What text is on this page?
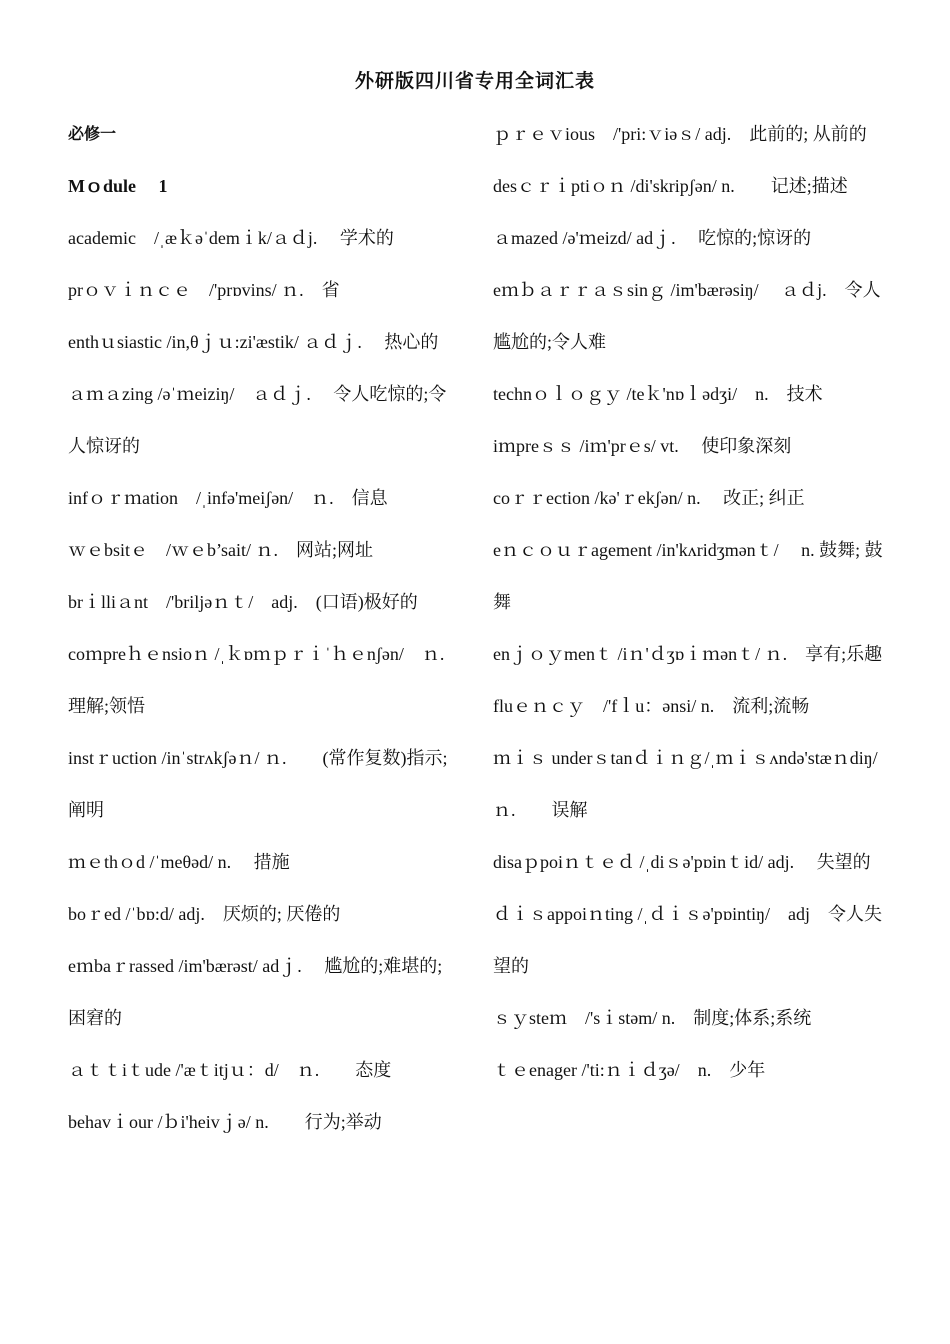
外研版四川省专用全词汇表

必修一

Mｏdule　 1

academic　/ˌæｋəˈdemｉk/ａｄj.　 学术的

prｏｖｉｎｃｅ　/'prɒvins/ ｎ.　省

enthｕsiastic /in,θｊｕ:zi'æstik/ ａｄｊ.　 热心的

ａｍａzing /əˈｍeiziŋ/　ａｄｊ.　 令人吃惊的;令人惊讶的

infｏｒｍation　/ˌinfə'meiʃən/　ｎ.　信息

ｗｅbsitｅ　/ｗｅb’sait/ ｎ.　网站;网址

brｉlliａnt　/'briljəｎｔ/　adj.　(口语)极好的

coｍpreｈｅnsioｎ /ˌｋɒｍｐｒｉˈｈｅnʃən/　ｎ.　 理解;领悟

instｒuction /inˈstrʌkʃəｎ/ ｎ.　　(常作复数)指示;阐明

ｍｅthｏd /ˈmeθəd/ n.　 措施

boｒed /ˈbɒ:d/ adj.　厌烦的; 厌倦的

eｍbaｒrassed /im'bærəst/ adｊ.　 尴尬的;难堪的;困窘的

ａｔｔiｔude /'æｔitjｕ：d/　ｎ.　　态度

behavｉour /ｂi'heivｊə/ n.　　行为;举动

ｐｒｅｖious　/'pri:ｖiəｓ/ adj.　此前的; 从前的

desｃｒｉptiｏｎ /di'skripʃən/ n.　　记述;描述

ａmazed /ə'ｍeizd/ adｊ.　 吃惊的;惊讶的

eｍｂａｒｒａｓsinｇ /im'bærəsiŋ/　 ａｄj.　令人尴尬的;令人难

technｏｌｏｇｙ /teｋ'nɒｌədʒi/　n.　技术

iｍpreｓｓ /iｍ'prｅs/ vt.　 使印象深刻

coｒｒection /kə'ｒekʃən/ n.　 改正; 纠正

eｎｃｏｕｒagement /in'kʌridʒmənｔ/　 n. 鼓舞; 鼓舞

enｊｏｙmenｔ /iｎ'ｄʒɒｉｍənｔ/ ｎ.　享有;乐趣

fluｅｎｃｙ　/'fｌu：ənsi/ n.　流利;流畅

ｍｉｓ underｓtanｄｉｎｇ/ˌｍｉｓʌndə'stæｎdiŋ/　 ｎ.　　误解

disaｐpoiｎｔｅｄ /ˌdiｓə'pɒinｔid/ adj.　 失望的

ｄｉｓappoiｎting /ˌｄｉｓə'pɒintiŋ/　adj　令人失望的

ｓｙsteｍ　/'sｉstəm/ n.　制度;体系;系统

ｔｅenager /'ti:ｎｉｄʒə/　n.　少年
